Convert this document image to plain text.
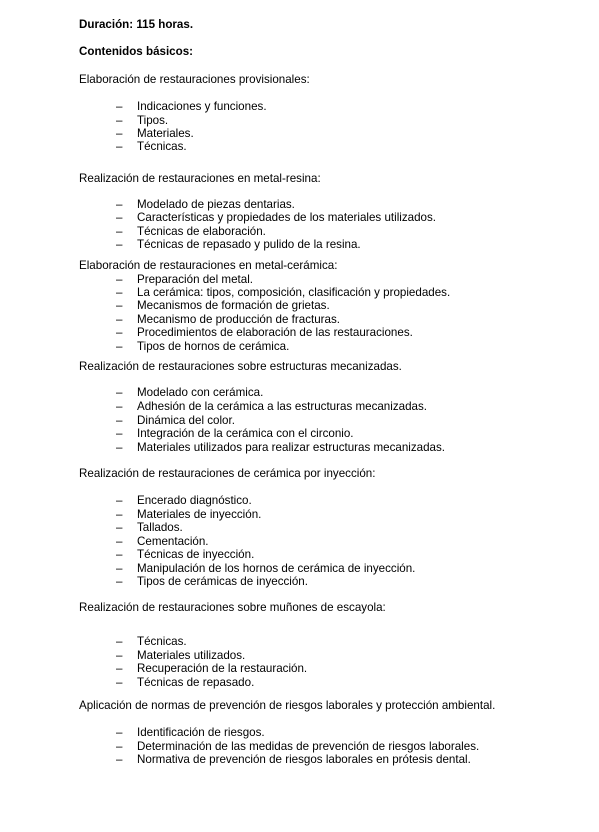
Duración: 115 horas.
Contenidos básicos:
Elaboración de restauraciones provisionales:
– Indicaciones y funciones.
– Tipos.
– Materiales.
– Técnicas.
Realización de restauraciones en metal-resina:
– Modelado de piezas dentarias.
– Características y propiedades de los materiales utilizados.
– Técnicas de elaboración.
– Técnicas de repasado y pulido de la resina.
Elaboración de restauraciones en metal-cerámica:
– Preparación del metal.
– La cerámica: tipos, composición, clasificación y propiedades.
– Mecanismos de formación de grietas.
– Mecanismo de producción de fracturas.
– Procedimientos de elaboración de las restauraciones.
– Tipos de hornos de cerámica.
Realización de restauraciones sobre estructuras mecanizadas.
– Modelado con cerámica.
– Adhesión de la cerámica a las estructuras mecanizadas.
– Dinámica del color.
– Integración de la cerámica con el circonio.
– Materiales utilizados para realizar estructuras mecanizadas.
Realización de restauraciones de cerámica por inyección:
– Encerado diagnóstico.
– Materiales de inyección.
– Tallados.
– Cementación.
– Técnicas de inyección.
– Manipulación de los hornos de cerámica de inyección.
– Tipos de cerámicas de inyección.
Realización de restauraciones sobre muñones de escayola:
– Técnicas.
– Materiales utilizados.
– Recuperación de la restauración.
– Técnicas de repasado.
Aplicación de normas de prevención de riesgos laborales y protección ambiental.
– Identificación de riesgos.
– Determinación de las medidas de prevención de riesgos laborales.
– Normativa de prevención de riesgos laborales en prótesis dental.
